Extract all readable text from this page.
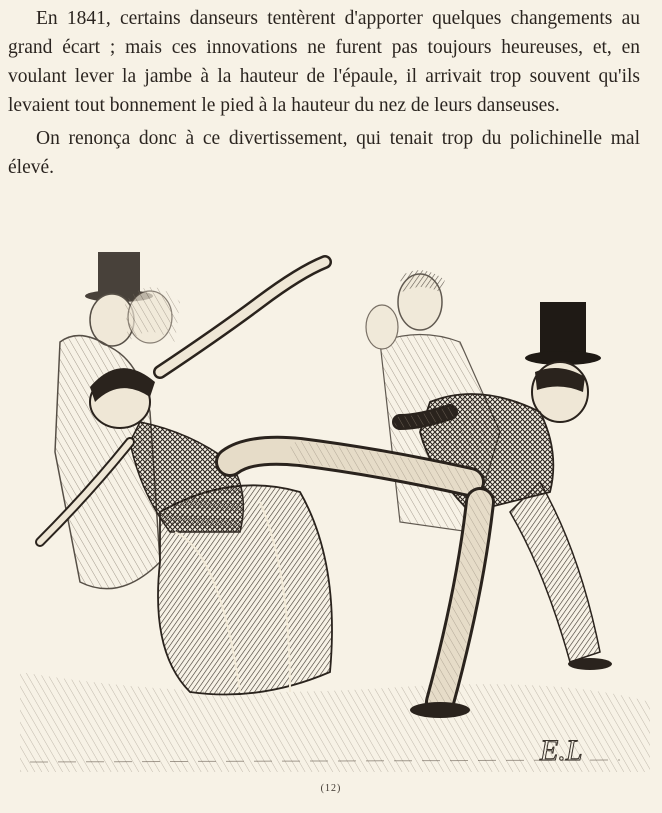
En 1841, certains danseurs tentèrent d'apporter quelques changements au grand écart ; mais ces innovations ne furent pas toujours heureuses, et, en voulant lever la jambe à la hauteur de l'épaule, il arrivait trop souvent qu'ils levaient tout bonnement le pied à la hauteur du nez de leurs danseuses.

On renonça donc à ce divertissement, qui tenait trop du polichinelle mal élevé.

E.L
(12)
